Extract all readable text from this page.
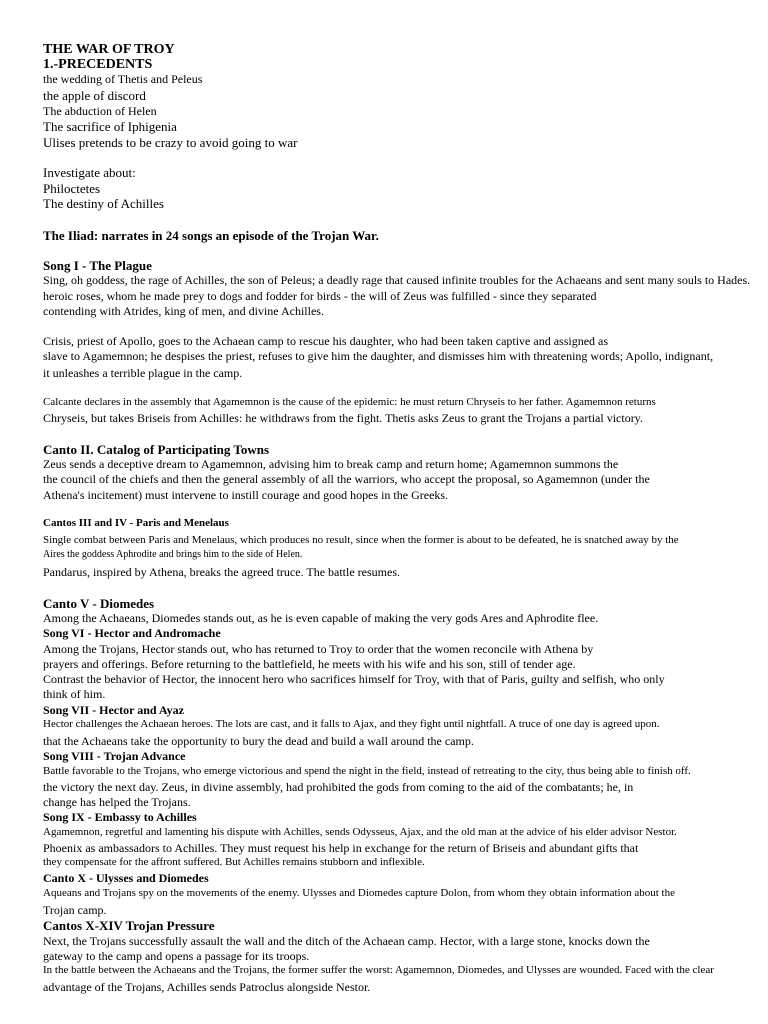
THE WAR OF TROY
1.-PRECEDENTS
the wedding of Thetis and Peleus
the apple of discord
The abduction of Helen
The sacrifice of Iphigenia
Ulises pretends to be crazy to avoid going to war
Investigate about:
Philoctetes
The destiny of Achilles
The Iliad: narrates in 24 songs an episode of the Trojan War.
Song I - The Plague
Sing, oh goddess, the rage of Achilles, the son of Peleus; a deadly rage that caused infinite troubles for the Achaeans and sent many souls to Hades.
heroic roses, whom he made prey to dogs and fodder for birds - the will of Zeus was fulfilled - since they separated
contending with Atrides, king of men, and divine Achilles.
Crisis, priest of Apollo, goes to the Achaean camp to rescue his daughter, who had been taken captive and assigned as
slave to Agamemnon; he despises the priest, refuses to give him the daughter, and dismisses him with threatening words; Apollo, indignant,
it unleashes a terrible plague in the camp.
Calcante declares in the assembly that Agamemnon is the cause of the epidemic: he must return Chryseis to her father. Agamemnon returns
Chryseis, but takes Briseis from Achilles: he withdraws from the fight. Thetis asks Zeus to grant the Trojans a partial victory.
Canto II. Catalog of Participating Towns
Zeus sends a deceptive dream to Agamemnon, advising him to break camp and return home; Agamemnon summons the
the council of the chiefs and then the general assembly of all the warriors, who accept the proposal, so Agamemnon (under the
Athena's incitement) must intervene to instill courage and good hopes in the Greeks.
Cantos III and IV - Paris and Menelaus
Single combat between Paris and Menelaus, which produces no result, since when the former is about to be defeated, he is snatched away by the
Aires the goddess Aphrodite and brings him to the side of Helen.
Pandarus, inspired by Athena, breaks the agreed truce. The battle resumes.
Canto V - Diomedes
Among the Achaeans, Diomedes stands out, as he is even capable of making the very gods Ares and Aphrodite flee.
Song VI - Hector and Andromache
Among the Trojans, Hector stands out, who has returned to Troy to order that the women reconcile with Athena by
prayers and offerings. Before returning to the battlefield, he meets with his wife and his son, still of tender age.
Contrast the behavior of Hector, the innocent hero who sacrifices himself for Troy, with that of Paris, guilty and selfish, who only
think of him.
Song VII - Hector and Ayaz
Hector challenges the Achaean heroes. The lots are cast, and it falls to Ajax, and they fight until nightfall. A truce of one day is agreed upon.
that the Achaeans take the opportunity to bury the dead and build a wall around the camp.
Song VIII - Trojan Advance
Battle favorable to the Trojans, who emerge victorious and spend the night in the field, instead of retreating to the city, thus being able to finish off.
the victory the next day. Zeus, in divine assembly, had prohibited the gods from coming to the aid of the combatants; he, in
change has helped the Trojans.
Song IX - Embassy to Achilles
Agamemnon, regretful and lamenting his dispute with Achilles, sends Odysseus, Ajax, and the old man at the advice of his elder advisor Nestor.
Phoenix as ambassadors to Achilles. They must request his help in exchange for the return of Briseis and abundant gifts that
they compensate for the affront suffered. But Achilles remains stubborn and inflexible.
Canto X - Ulysses and Diomedes
Aqueans and Trojans spy on the movements of the enemy. Ulysses and Diomedes capture Dolon, from whom they obtain information about the
Trojan camp.
Cantos X-XIV Trojan Pressure
Next, the Trojans successfully assault the wall and the ditch of the Achaean camp. Hector, with a large stone, knocks down the
gateway to the camp and opens a passage for its troops.
In the battle between the Achaeans and the Trojans, the former suffer the worst: Agamemnon, Diomedes, and Ulysses are wounded. Faced with the clear
advantage of the Trojans, Achilles sends Patroclus alongside Nestor.
